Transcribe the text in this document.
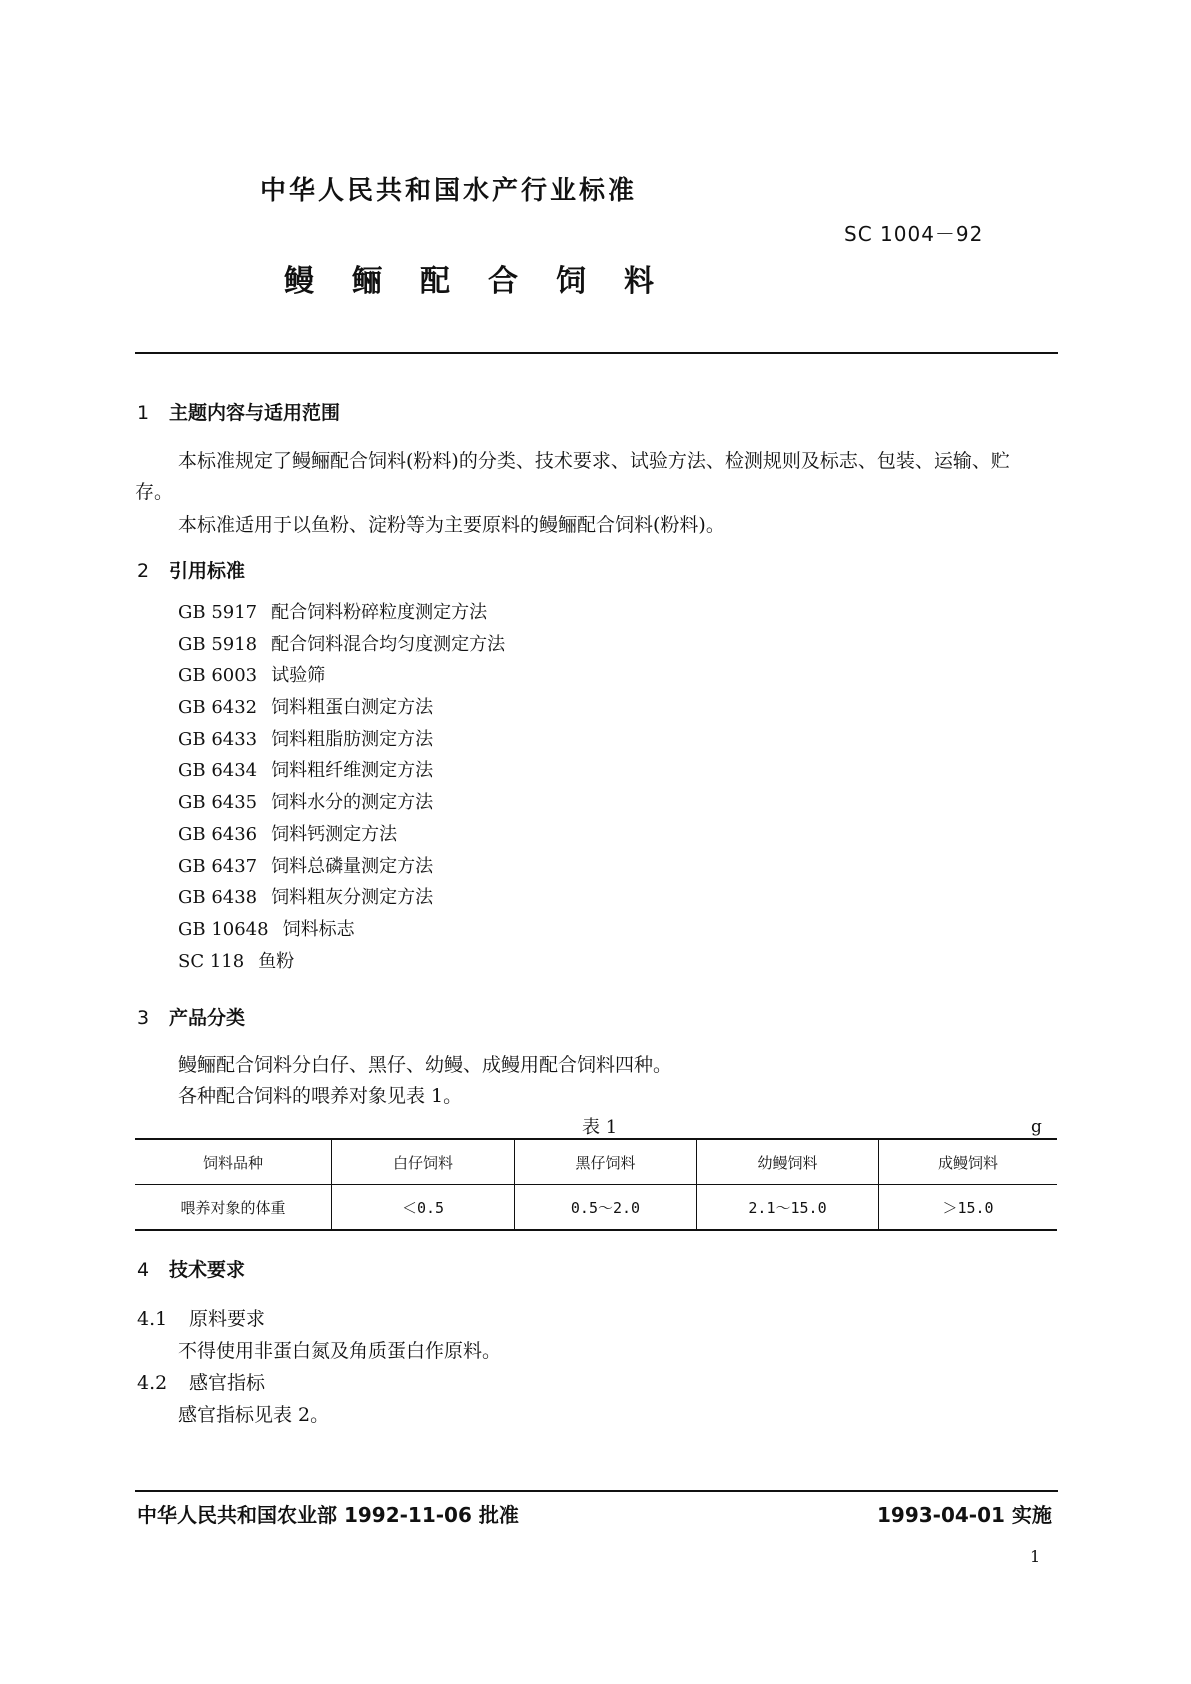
中华人民共和国水产行业标准
SC 1004－92
鳗鲡配合饲料
1 主题内容与适用范围
本标准规定了鳗鲡配合饲料(粉料)的分类、技术要求、试验方法、检测规则及标志、包装、运输、贮
存。
本标准适用于以鱼粉、淀粉等为主要原料的鳗鲡配合饲料(粉料)。
2 引用标准
GB 5917 配合饲料粉碎粒度测定方法
GB 5918 配合饲料混合均匀度测定方法
GB 6003 试验筛
GB 6432 饲料粗蛋白测定方法
GB 6433 饲料粗脂肪测定方法
GB 6434 饲料粗纤维测定方法
GB 6435 饲料水分的测定方法
GB 6436 饲料钙测定方法
GB 6437 饲料总磷量测定方法
GB 6438 饲料粗灰分测定方法
GB 10648 饲料标志
SC 118 鱼粉
3 产品分类
鳗鲡配合饲料分白仔、黑仔、幼鳗、成鳗用配合饲料四种。
各种配合饲料的喂养对象见表 1。
表 1	g
饲料品种	白仔饲料	黑仔饲料	幼鳗饲料	成鳗饲料
喂养对象的体重	＜0.5	0.5～2.0	2.1～15.0	＞15.0
4 技术要求
4.1 原料要求
不得使用非蛋白氮及角质蛋白作原料。
4.2 感官指标
感官指标见表 2。
中华人民共和国农业部 1992-11-06 批准	1993-04-01 实施
1
